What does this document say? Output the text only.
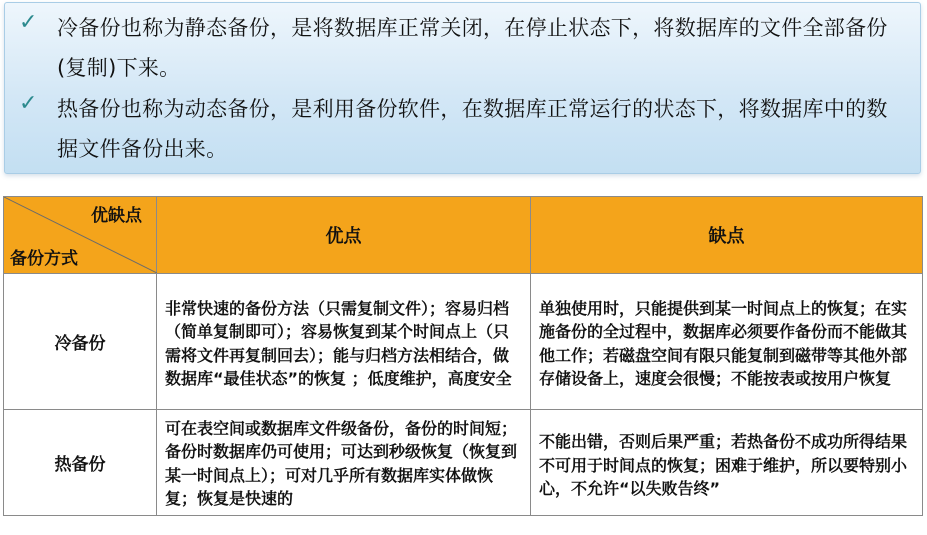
✓ 冷备份也称为静态备份，是将数据库正常关闭，在停止状态下，将数据库的文件全部备份(复制)下来。
✓ 热备份也称为动态备份，是利用备份软件，在数据库正常运行的状态下，将数据库中的数据文件备份出来。
优缺点
备份方式	优点	缺点
冷备份	非常快速的备份方法（只需复制文件）；容易归档（简单复制即可）；容易恢复到某个时间点上（只需将文件再复制回去）；能与归档方法相结合，做数据库“最佳状态”的恢复 ；低度维护，高度安全	单独使用时，只能提供到某一时间点上的恢复；在实施备份的全过程中，数据库必须要作备份而不能做其他工作；若磁盘空间有限只能复制到磁带等其他外部存储设备上，速度会很慢；不能按表或按用户恢复

热备份	可在表空间或数据库文件级备份，备份的时间短；备份时数据库仍可使用；可达到秒级恢复（恢复到某一时间点上）；可对几乎所有数据库实体做恢复；恢复是快速的	不能出错，否则后果严重；若热备份不成功所得结果不可用于时间点的恢复；困难于维护，所以要特别小心，不允许“以失败告终”
